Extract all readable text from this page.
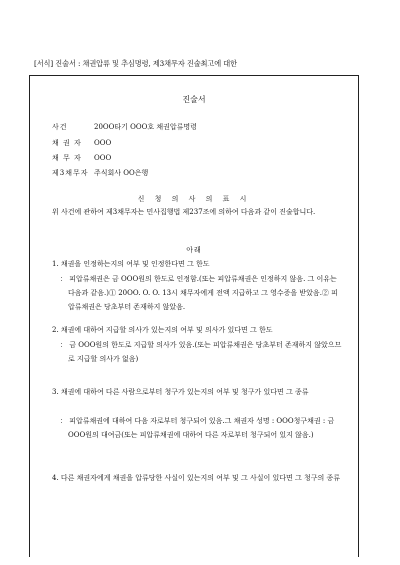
[서식] 진술서 : 채권압류 및 추심명령, 제3채무자 진술최고에 대한
진술서
사건	20OO타기 OOO호 채권압류명령
채 권 자 OOO
채 무 자 OOO
제3채무자 주식회사 OO은행
신 청 의 사 의 표 시
위 사건에 관하여 제3채무자는 민사집행법 제237조에 의하여 다음과 같이 진술합니다.
아래
1. 채권을 인정하는지의 여부 및 인정한다면 그 한도
： 피압류채권은 금 OOO원의 한도로 인정함.(또는 피압류채권은 인정하지 않음. 그 이유는 다음과 같음.)① 20OO. O. O. 13시 채무자에게 전액 지급하고 그 영수증을 받았음.② 피압류채권은 당초부터 존재하지 않았음.
2. 채권에 대하여 지급할 의사가 있는지의 여부 및 의사가 있다면 그 한도
： 금 OOO원의 한도로 지급할 의사가 있음.(또는 피압류채권은 당초부터 존재하지 않았으므로 지급할 의사가 없음)
3. 채권에 대하여 다른 사람으로부터 청구가 있는지의 여부 및 청구가 있다면 그 종류
： 피압류채권에 대하여 다음 자로부터 청구되어 있음.그 채권자 성명 : OOO청구채권 : 금 OOO원의 대여금(또는 피압류채권에 대하여 다른 자로부터 청구되어 있지 않음.)
4. 다른 채권자에게 채권을 압류당한 사실이 있는지의 여부 및 그 사실이 있다면 그 청구의 종류
